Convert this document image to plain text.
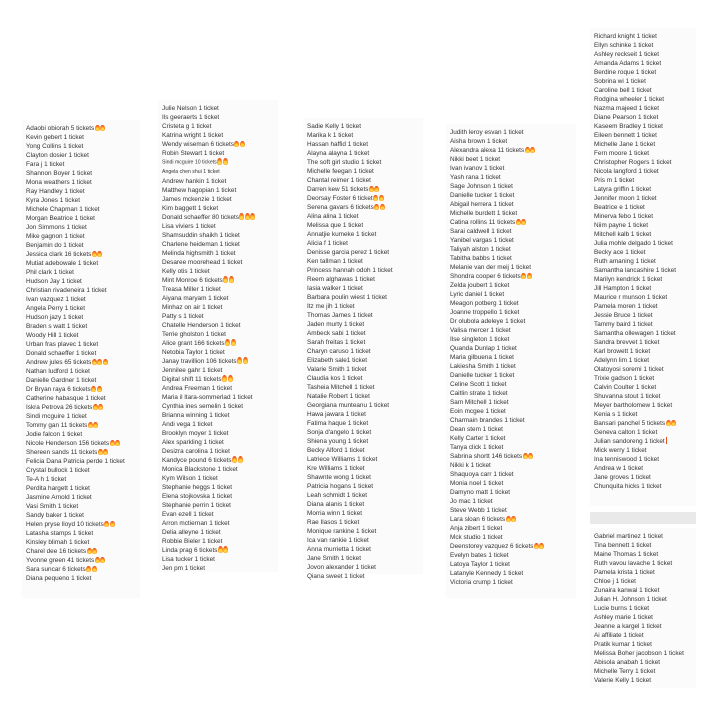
Adaobi obiorah 5 tickets
Kevin gebert 1 ticket
Yong Collins 1 ticket
Clayton dosier 1 ticket
Fara j 1 ticket
Shannon Boyer 1 ticket
Mona weathers 1 ticket
Ray Handley 1 ticket
Kyra Jones 1 ticket
Michele Chapman 1 ticket
Morgan Beatrice 1 ticket
Jon Simmons 1 ticket
Mike gagnon 1 ticket
Benjamin do 1 ticket
Jessica clark 16 tickets
Mutiat adebowale 1 ticket
Phil clark 1 ticket
Hudson Jay 1 ticket
Christian rivadeneira 1 ticket
Ivan vazquez 1 ticket
Angela Perry 1 ticket
Hudson jazy 1 ticket
Braden s watt 1 ticket
Woody Hill 1 ticket
Urban fras plavec 1 ticket
Donald schaeffer 1 ticket
Andrew jules 65 tickets
Nathan ludford 1 ticket
Danielle Gardner 1 ticket
Dr Bryan raya 6 tickets
Catherine habasque 1 ticket
Iskra Petrova 26 tickets
Sindi mcguire 1 ticket
Tommy gan 11 tickets
Jodie falcon 1 ticket
Nicole Henderson 156 tickets
Shereen sands 11 tickets
Felicia Dana Patricia perde 1 ticket
Crystal bullock 1 ticket
Te-A h 1 ticket
Perdita hargett 1 ticket
Jasmine Arnold 1 ticket
Vasi Smith 1 ticket
Sandy baker 1 ticket
Helen pryse lloyd 10 tickets
Latasha stamps 1 ticket
Kinsley blimah 1 ticket
Charel dee 16 tickets
Yvonne green 41 tickets
Sara suncar 6 tickets
Diana pequeno 1 ticket
Julie Nelson 1 ticket
Ils geeraerts 1 ticket
Cristeta g 1 ticket
Katrina wright 1 ticket
Wendy wiseman 6 tickets
Robin Stewart 1 ticket
Sindi mcguire 10 tickets
Angela chen shui 1 ticket
Andrew hankin 1 ticket
Matthew hagopian 1 ticket
James mckenzie 1 ticket
Kim baggett 1 ticket
Donald schaeffer 80 tickets
Lisa viviers 1 ticket
Shamsuddin shaikh 1 ticket
Charlene heideman 1 ticket
Melinda highsmith 1 ticket
Desaree moorehead 1 ticket
Kelly otis 1 ticket
Mint Monroe 6 tickets
Treasa Miller 1 ticket
Aiyana maryam 1 ticket
Minhaz on air 1 ticket
Patty s 1 ticket
Chatelle Henderson 1 ticket
Terrie gholston 1 ticket
Alice grant 166 tickets
Netobia Taylor 1 ticket
Janay travillion 106 tickets
Jennilee gahr 1 ticket
Digital shift 11 tickets
Andrea Freeman 1 ticket
Maria il ltara-sommerlad 1 ticket
Cynthia ines semelin 1 ticket
Brianna winning 1 ticket
Andi vega 1 ticket
Brooklyn moyer 1 ticket
Alex sparkling 1 ticket
Desizra carolina 1 ticket
Kandyce pound 6 tickets
Monica Blackstone 1 ticket
Kym Wilson 1 ticket
Stephanie heggs 1 ticket
Elena stojkovska 1 ticket
Stephanie perrin 1 ticket
Evan ezell 1 ticket
Arron mctiernan 1 ticket
Delia alleyne 1 ticket
Robbie Bieler 1 ticket
Linda prag 6 tickets
Lisa tucker 1 ticket
Jen pm 1 ticket
Sadie Kelly 1 ticket
Marika k 1 ticket
Hassan haffid 1 ticket
Alayna alayna 1 ticket
The soft girl studio 1 ticket
Michelle feegan 1 ticket
Chantal reimer 1 ticket
Darren kew 51 tickets
Deorsay Foster 6 ticket
Serena gavars 6 tickets
Alina alina 1 ticket
Melissa que 1 ticket
Annatjie kumeke 1 ticket
Alicia f 1 ticket
Denisse garcia perez 1 ticket
Ken tallman 1 ticket
Princess hannah odoh 1 ticket
Reem alghawas 1 ticket
Iasia walker 1 ticket
Barbara poulin wiest 1 ticket
Itz me jih 1 ticket
Thomas James 1 ticket
Jaden murty 1 ticket
Ambeck sabi 1 ticket
Sarah freitas 1 ticket
Charyn caruso 1 ticket
Elizabeth sale1 ticket
Valarie Smith 1 ticket
Claudia kos 1 ticket
Tasheia Mitchell 1 ticket
Natalie Robert 1 ticket
Georgiana munteanu 1 ticket
Hawa jawara 1 ticket
Fatima haque 1 ticket
Sonja d'angelo 1 ticket
Shiena young 1 ticket
Becky Alford 1 ticket
Latriece Williams 1 ticket
Kre Williams 1 ticket
Shawnte wong 1 ticket
Patricia hogans 1 ticket
Leah schmidt 1 ticket
Diana alanis 1 ticket
Morria winn 1 ticket
Rae Ilasos 1 ticket
Monique rankine 1 ticket
Ica van rankie 1 ticket
Anna murrietta 1 ticket
Jane Smith 1 ticket
Jovon alexander 1 ticket
Qiana sweet 1 ticket
Judith leroy esvan 1 ticket
Aisha brown 1 ticket
Alexandra alexa 11 tickets
Nikki beet 1 ticket
Ivan ivanov 1 ticket
Yash rana 1 ticket
Sage Johnson 1 ticket
Danielle tucker 1 ticket
Abigail herrera 1 ticket
Michelle burdett 1 ticket
Catina rollins 11 tickets
Sarai caldwell 1 ticket
Yanibel vargas 1 ticket
Taliyah alston 1 ticket
Tabitha babbs 1 ticket
Melanie van der meij 1 ticket
Shondra cooper 6 tickets
Zelda joubert 1 ticket
Lyric daniel 1 ticket
Meagon potberg 1 ticket
Joanne troppello 1 ticket
Dr olubola adeleye 1 ticket
Valisa mercer 1 ticket
Ilse singleton 1 ticket
Quanda Dunlap 1 ticket
Maria gilbuena 1 ticket
Lakiesha Smith 1 ticket
Danielle tucker 1 ticket
Celine Scott 1 ticket
Caitlin strate 1 ticket
Sam Mitchell 1 ticket
Eoin mcgee 1 ticket
Charmain brandes 1 ticket
Dean stem 1 ticket
Kelly Carter 1 ticket
Tanya click 1 ticket
Sabrina shortt 146 tickets
Nikki k 1 ticket
Shaquoya carr 1 ticket
Monia noel 1 ticket
Damyno matt 1 ticket
Jo mac 1 ticket
Steve Webb 1 ticket
Lara sloan 6 tickets
Anja zibert 1 ticket
Mck studio 1 ticket
Deenstorey vazquez 6 tickets
Evelyn bates 1 ticket
Latoya Taylor 1 ticket
Latanyle Kennedy 1 ticket
Victoria crump 1 ticket
Richard knight 1 ticket
Ellyn schinke 1 ticket
Ashley reckseit 1 ticket
Amanda Adams 1 ticket
Berdine roque 1 ticket
Sobrina wi 1 ticket
Caroline bell 1 ticket
Rodgina wheeler 1 ticket
Nazma majeed 1 ticket
Diane Pearson 1 ticket
Kaseem Bradley 1 ticket
Eileen bennett 1 ticket
Michelle Jane 1 ticket
Fern moore 1 ticket
Christopher Rogers 1 ticket
Nicola langford 1 ticket
Pris m 1 ticket
Latyra griffin 1 ticket
Jennifer moon 1 ticket
Beatrice e 1 ticket
Minerva febo 1 ticket
Niim payne 1 ticket
Mitchell kalb 1 ticket
Julia mohle delgado 1 ticket
Becky ace 1 ticket
Ruth amaning 1 ticket
Samantha lancashire 1 ticket
Marilyn kendrick 1 ticket
Jill Hampton 1 ticket
Maurice r munson 1 ticket
Pamela moren 1 ticket
Jessie Bruce 1 ticket
Tammy baird 1 ticket
Samantha ollewagen 1 ticket
Sandra brevvet 1 ticket
Karl browett 1 ticket
Adelynn lim 1 ticket
Olatoyosi soremi 1 ticket
Trixie gadson 1 ticket
Calvin Coulter 1 ticket
Shuvanna stout 1 ticket
Meyer bartholomew 1 ticket
Kenia s 1 ticket
Bansari panchel 5 tickets
Geneva calton 1 ticket
Julian sandoreng 1 ticket
Mick werry 1 ticket
Ina tenniswood 1 ticket
Andrea w 1 ticket
Jane groves 1 ticket
Chunquita hicks 1 ticket
Gabriel martinez 1 ticket
Tina bennett 1 ticket
Maine Thomas 1 ticket
Ruth vavou lavache 1 ticket
Pamela krista 1 ticket
Chloe j 1 ticket
Zunaira kanwal 1 ticket
Julian H. Johnson 1 ticket
Lucie burns 1 ticket
Ashley marie 1 ticket
Jeanne a kargel 1 ticket
Ai affiliate 1 ticket
Pratik kumar 1 ticket
Melissa Boher jacobson 1 ticket
Abisola anabah 1 ticket
Michelle Terry 1 ticket
Valerie Kelly 1 ticket
